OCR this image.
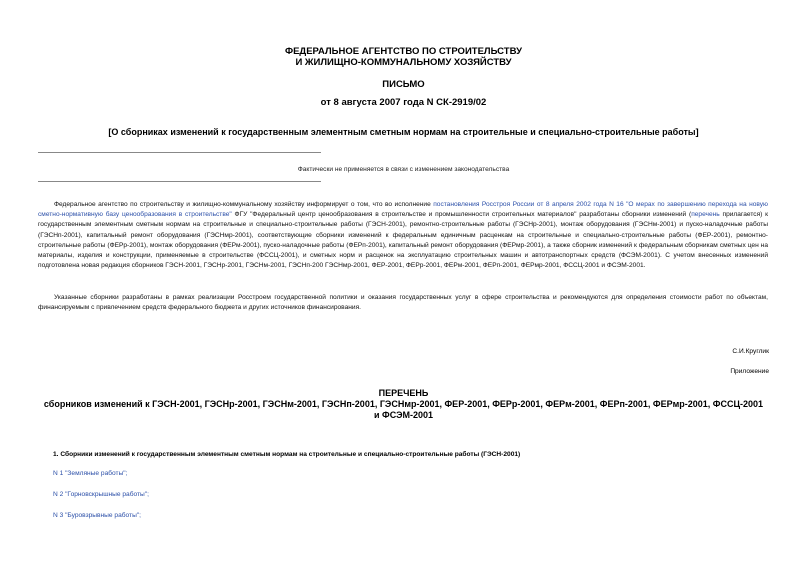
ФЕДЕРАЛЬНОЕ АГЕНТСТВО ПО СТРОИТЕЛЬСТВУ
И ЖИЛИЩНО-КОММУНАЛЬНОМУ ХОЗЯЙСТВУ
ПИСЬМО
от 8 августа 2007 года N СК-2919/02
[О сборниках изменений к государственным элементным сметным нормам на строительные и специально-строительные работы]
Фактически не применяется в связи с изменением законодательства
Федеральное агентство по строительству и жилищно-коммунальному хозяйству информирует о том, что во исполнение постановления Росстроя России от 8 апреля 2002 года N 16 "О мерах по завершению перехода на новую сметно-нормативную базу ценообразования в строительстве" ФГУ "Федеральный центр ценообразования в строительстве и промышленности строительных материалов" разработаны сборники изменений (перечень прилагается) к государственным элементным сметным нормам на строительные и специально-строительные работы (ГЭСН-2001), ремонтно-строительные работы (ГЭСНр-2001), монтаж оборудования (ГЭСНм-2001) и пуско-наладочные работы (ГЭСНп-2001), капитальный ремонт оборудования (ГЭСНмр-2001), соответствующие сборники изменений к федеральным единичным расценкам на строительные и специально-строительные работы (ФЕР-2001), ремонтно-строительные работы (ФЕРр-2001), монтаж оборудования (ФЕРм-2001), пуско-наладочные работы (ФЕРп-2001), капитальный ремонт оборудования (ФЕРмр-2001), а также сборник изменений к федеральным сборникам сметных цен на материалы, изделия и конструкции, применяемые в строительстве (ФССЦ-2001), и сметных норм и расценок на эксплуатацию строительных машин и автотранспортных средств (ФСЭМ-2001). С учетом внесенных изменений подготовлена новая редакция сборников ГЭСН-2001, ГЭСНр-2001, ГЭСНм-2001, ГЭСНп-200 ГЭСНмр-2001, ФЕР-2001, ФЕРр-2001, ФЕРм-2001, ФЕРп-2001, ФЕРмр-2001, ФССЦ-2001 и ФСЭМ-2001.
Указанные сборники разработаны в рамках реализации Росстроем государственной политики и оказания государственных услуг в сфере строительства и рекомендуются для определения стоимости работ по объектам, финансируемым с привлечением средств федерального бюджета и других источников финансирования.
С.И.Круглик
Приложение
ПЕРЕЧЕНЬ
сборников изменений к ГЭСН-2001, ГЭСНр-2001, ГЭСНм-2001, ГЭСНп-2001, ГЭСНмр-2001, ФЕР-2001, ФЕРр-2001, ФЕРм-2001, ФЕРп-2001, ФЕРмр-2001, ФССЦ-2001 и ФСЭМ-2001
1. Сборники изменений к государственным элементным сметным нормам на строительные и специально-строительные работы (ГЭСН-2001)
N 1 "Земляные работы";
N 2 "Горновскрышные работы";
N 3 "Буровзрывные работы";
